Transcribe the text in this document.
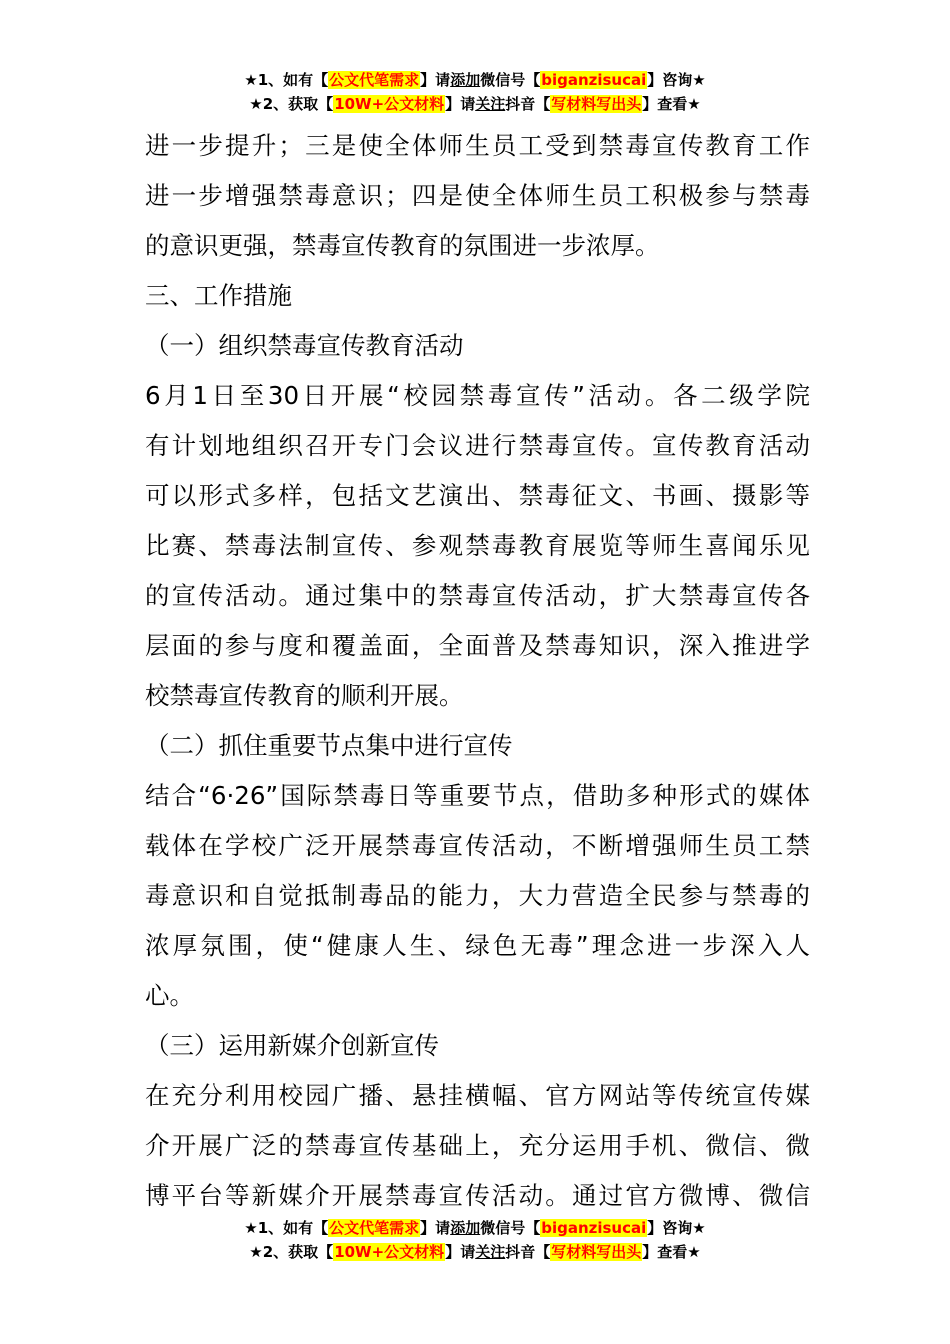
★1、如有【公文代笔需求】请添加微信号【biganzisucai】咨询★
★2、获取【10W+公文材料】请关注抖音【写材料写出头】查看★
进一步提升；三是使全体师生员工受到禁毒宣传教育工作
进一步增强禁毒意识；四是使全体师生员工积极参与禁毒
的意识更强，禁毒宣传教育的氛围进一步浓厚。
三、工作措施
（一）组织禁毒宣传教育活动
6月1日至30日开展“校园禁毒宣传”活动。各二级学院
有计划地组织召开专门会议进行禁毒宣传。宣传教育活动
可以形式多样，包括文艺演出、禁毒征文、书画、摄影等
比赛、禁毒法制宣传、参观禁毒教育展览等师生喜闻乐见
的宣传活动。通过集中的禁毒宣传活动，扩大禁毒宣传各
层面的参与度和覆盖面，全面普及禁毒知识，深入推进学
校禁毒宣传教育的顺利开展。
（二）抓住重要节点集中进行宣传
结合“6·26”国际禁毒日等重要节点，借助多种形式的媒体
载体在学校广泛开展禁毒宣传活动，不断增强师生员工禁
毒意识和自觉抵制毒品的能力，大力营造全民参与禁毒的
浓厚氛围，使“健康人生、绿色无毒”理念进一步深入人
心。
（三）运用新媒介创新宣传
在充分利用校园广播、悬挂横幅、官方网站等传统宣传媒
介开展广泛的禁毒宣传基础上，充分运用手机、微信、微
博平台等新媒介开展禁毒宣传活动。通过官方微博、微信
★1、如有【公文代笔需求】请添加微信号【biganzisucai】咨询★
★2、获取【10W+公文材料】请关注抖音【写材料写出头】查看★
